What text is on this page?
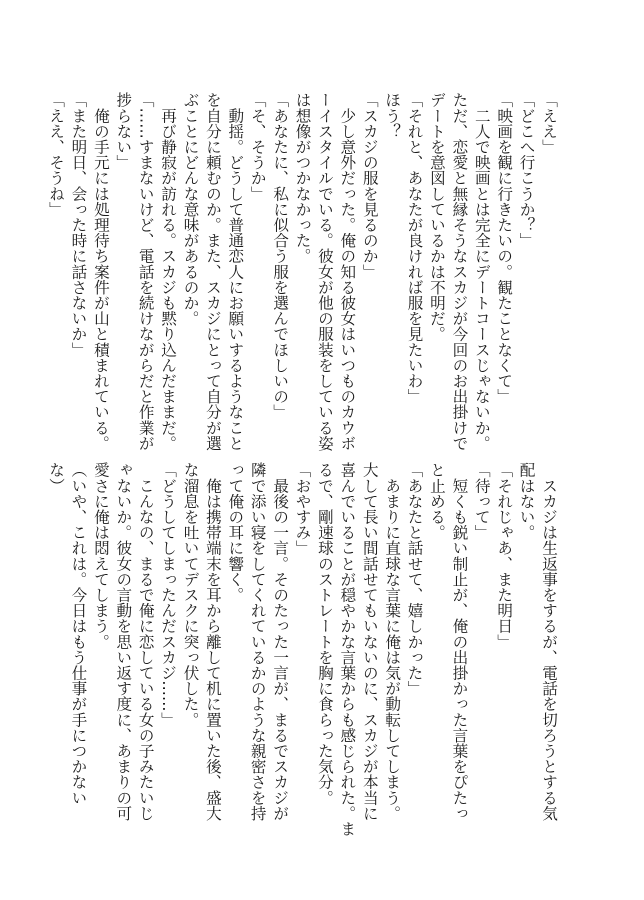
「ええ」
「どこへ行こうか？」
「映画を観に行きたいの。観たことなくて」
　二人で映画とは完全にデートコースじゃないか。
ただ、恋愛と無縁そうなスカジが今回のお出掛けで
デートを意図しているかは不明だ。
「それと、あなたが良ければ服を見たいわ」
ほう？
「スカジの服を見るのか」
　少し意外だった。俺の知る彼女はいつものカウボ
ーイスタイルでいる。彼女が他の服装をしている姿
は想像がつかなかった。
「あなたに、私に似合う服を選んでほしいの」
「そ、そうか」
　動揺。どうして普通恋人にお願いするようなこと
を自分に頼むのか。また、スカジにとって自分が選
ぶことにどんな意味があるのか。
　再び静寂が訪れる。スカジも黙り込んだままだ。
「……すまないけど、電話を続けながらだと作業が
捗らない」
　俺の手元には処理待ち案件が山と積まれている。
「また明日、会った時に話さないか」
「ええ、そうね」
　スカジは生返事をするが、電話を切ろうとする気
配はない。
「それじゃあ、また明日」
「待って」
　短くも鋭い制止が、俺の出掛かった言葉をぴたっ
と止める。
「あなたと話せて、嬉しかった」
　あまりに直球な言葉に俺は気が動転してしまう。
大して長い間話せてもいないのに、スカジが本当に
喜んでいることが穏やかな言葉からも感じられた。ま
るで、剛速球のストレートを胸に食らった気分。
「おやすみ」
　最後の一言。そのたった一言が、まるでスカジが
隣で添い寝をしてくれているかのような親密さを持
って俺の耳に響く。
　俺は携帯端末を耳から離して机に置いた後、盛大
な溜息を吐いてデスクに突っ伏した。
「どうしてしまったんだスカジ……」
　こんなの、まるで俺に恋している女の子みたいじ
ゃないか。彼女の言動を思い返す度に、あまりの可
愛さに俺は悶えてしまう。
（いや、これは。今日はもう仕事が手につかない
な）
